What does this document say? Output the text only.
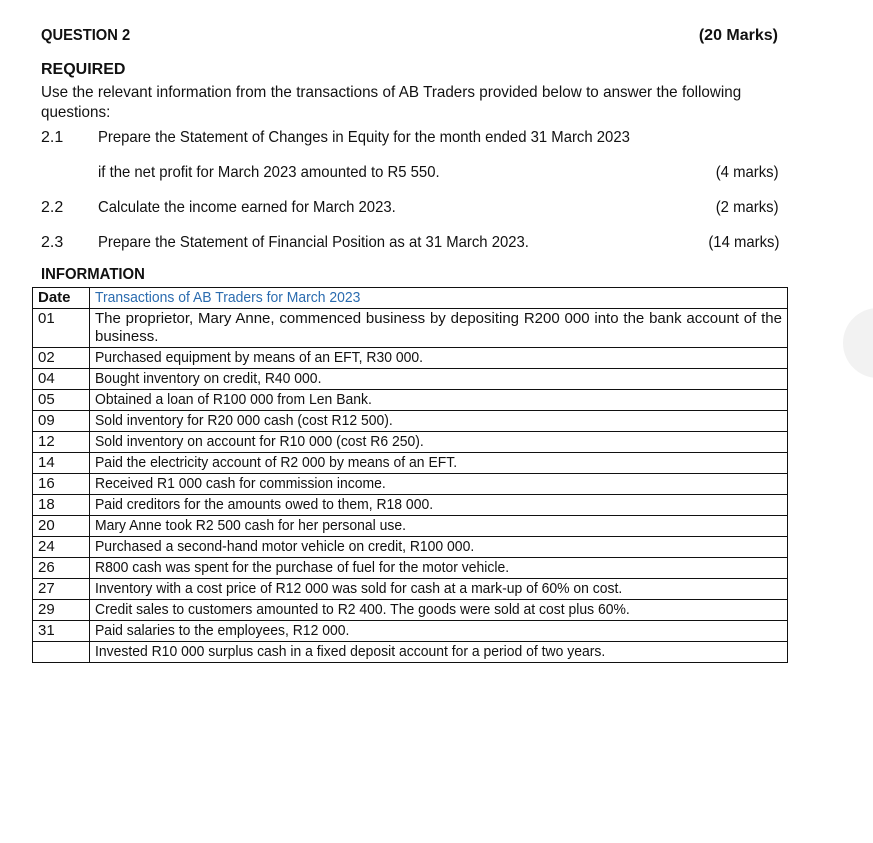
QUESTION 2	(20 Marks)
REQUIRED
Use the relevant information from the transactions of AB Traders provided below to answer the following questions:
2.1 Prepare the Statement of Changes in Equity for the month ended 31 March 2023
if the net profit for March 2023 amounted to R5 550.	(4 marks)
2.2 Calculate the income earned for March 2023.	(2 marks)
2.3 Prepare the Statement of Financial Position as at 31 March 2023.	(14 marks)
INFORMATION
Date	Transactions of AB Traders for March 2023
01	The proprietor, Mary Anne, commenced business by depositing R200 000 into the bank account of the business.
02	Purchased equipment by means of an EFT, R30 000.
04	Bought inventory on credit, R40 000.
05	Obtained a loan of R100 000 from Len Bank.
09	Sold inventory for R20 000 cash (cost R12 500).
12	Sold inventory on account for R10 000 (cost R6 250).
14	Paid the electricity account of R2 000 by means of an EFT.
16	Received R1 000 cash for commission income.
18	Paid creditors for the amounts owed to them, R18 000.
20	Mary Anne took R2 500 cash for her personal use.
24	Purchased a second-hand motor vehicle on credit, R100 000.
26	R800 cash was spent for the purchase of fuel for the motor vehicle.
27	Inventory with a cost price of R12 000 was sold for cash at a mark-up of 60% on cost.
29	Credit sales to customers amounted to R2 400. The goods were sold at cost plus 60%.
31	Paid salaries to the employees, R12 000.
	Invested R10 000 surplus cash in a fixed deposit account for a period of two years.
